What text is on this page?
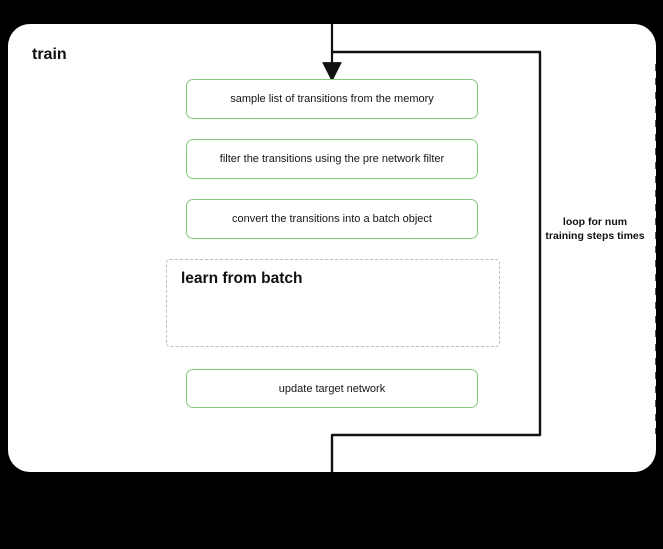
train
loop for num training steps times
sample list of transitions from the memory
filter the transitions using the pre network filter
convert the transitions into a batch object
learn from batch
update target network
